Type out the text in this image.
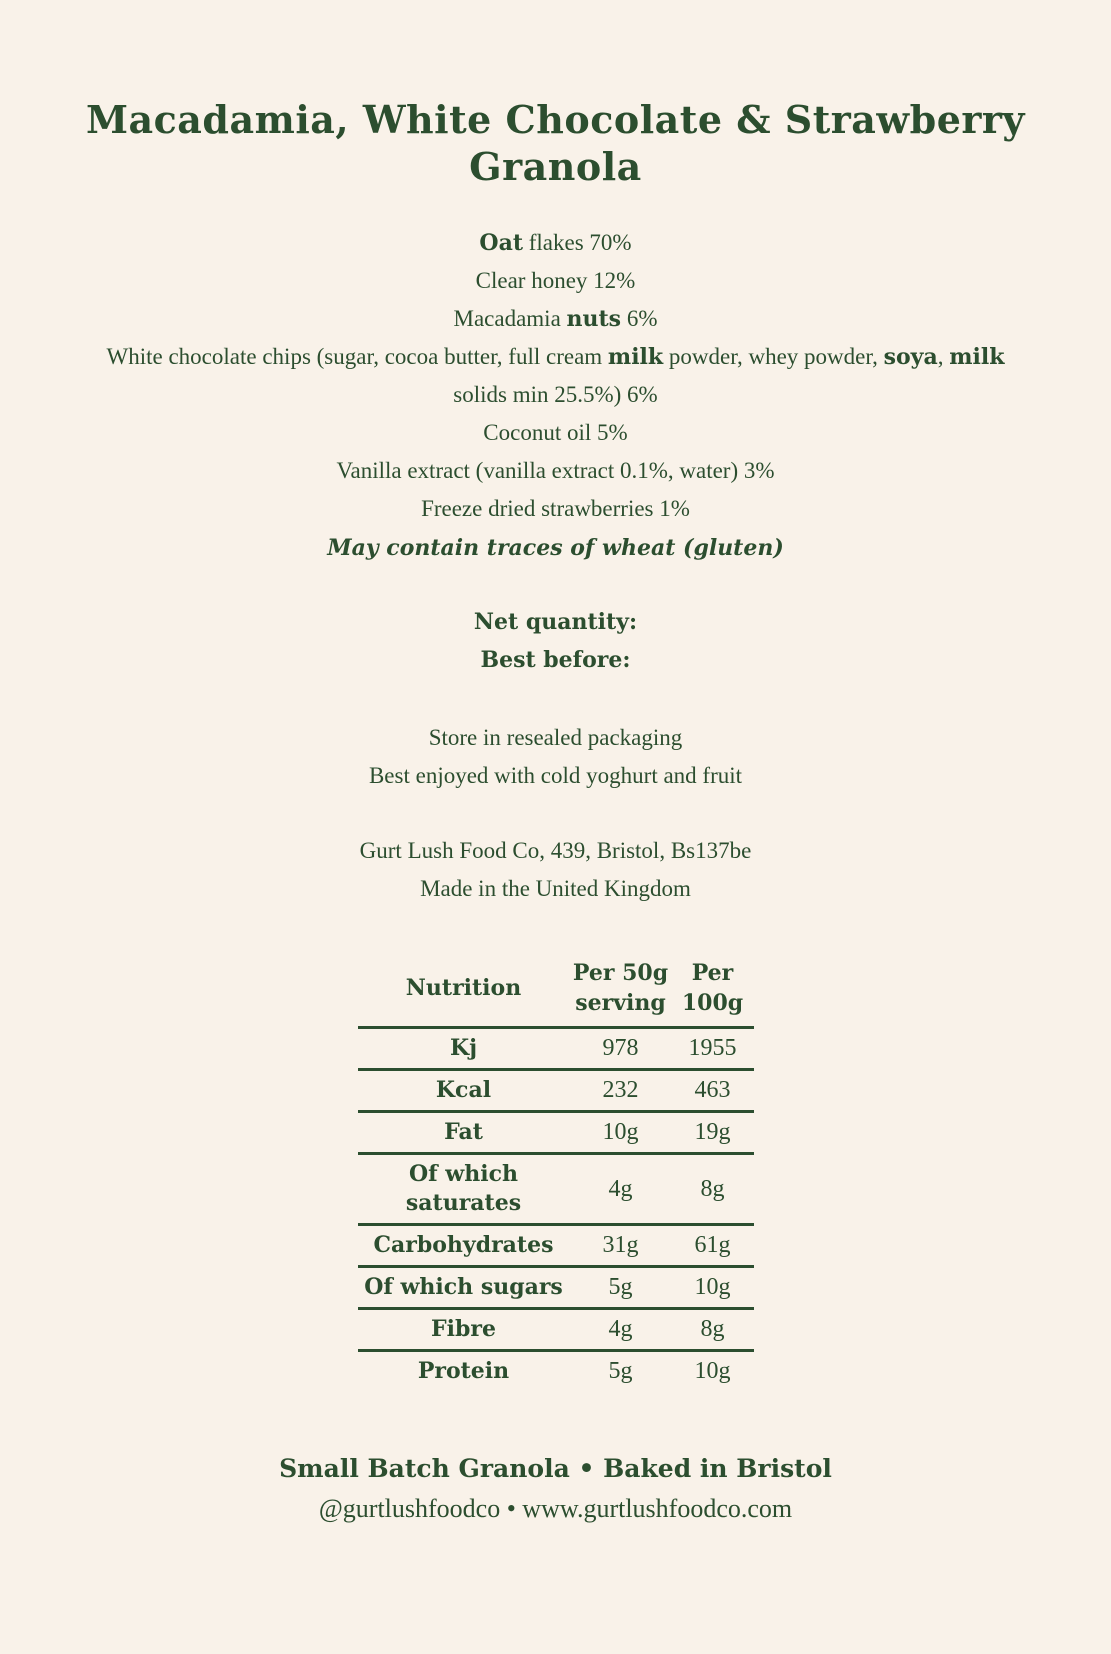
Macadamia, White Chocolate & Strawberry
Granola
Oat flakes 70%
Clear honey 12%
Macadamia nuts 6%
White chocolate chips (sugar, cocoa butter, full cream milk powder, whey powder, soya, milk solids min 25.5%) 6%
Coconut oil 5%
Vanilla extract (vanilla extract 0.1%, water) 3%
Freeze dried strawberries 1%
May contain traces of wheat (gluten)
Net quantity:
Best before:
Store in resealed packaging
Best enjoyed with cold yoghurt and fruit
Gurt Lush Food Co, 439, Bristol, Bs137be
Made in the United Kingdom
Nutrition	Per 50g serving	Per 100g
Kj	978	1955
Kcal	232	463
Fat	10g	19g
Of which saturates	4g	8g
Carbohydrates	31g	61g
Of which sugars	5g	10g
Fibre	4g	8g
Protein	5g	10g
Small Batch Granola • Baked in Bristol
@gurtlushfoodco • www.gurtlushfoodco.com
